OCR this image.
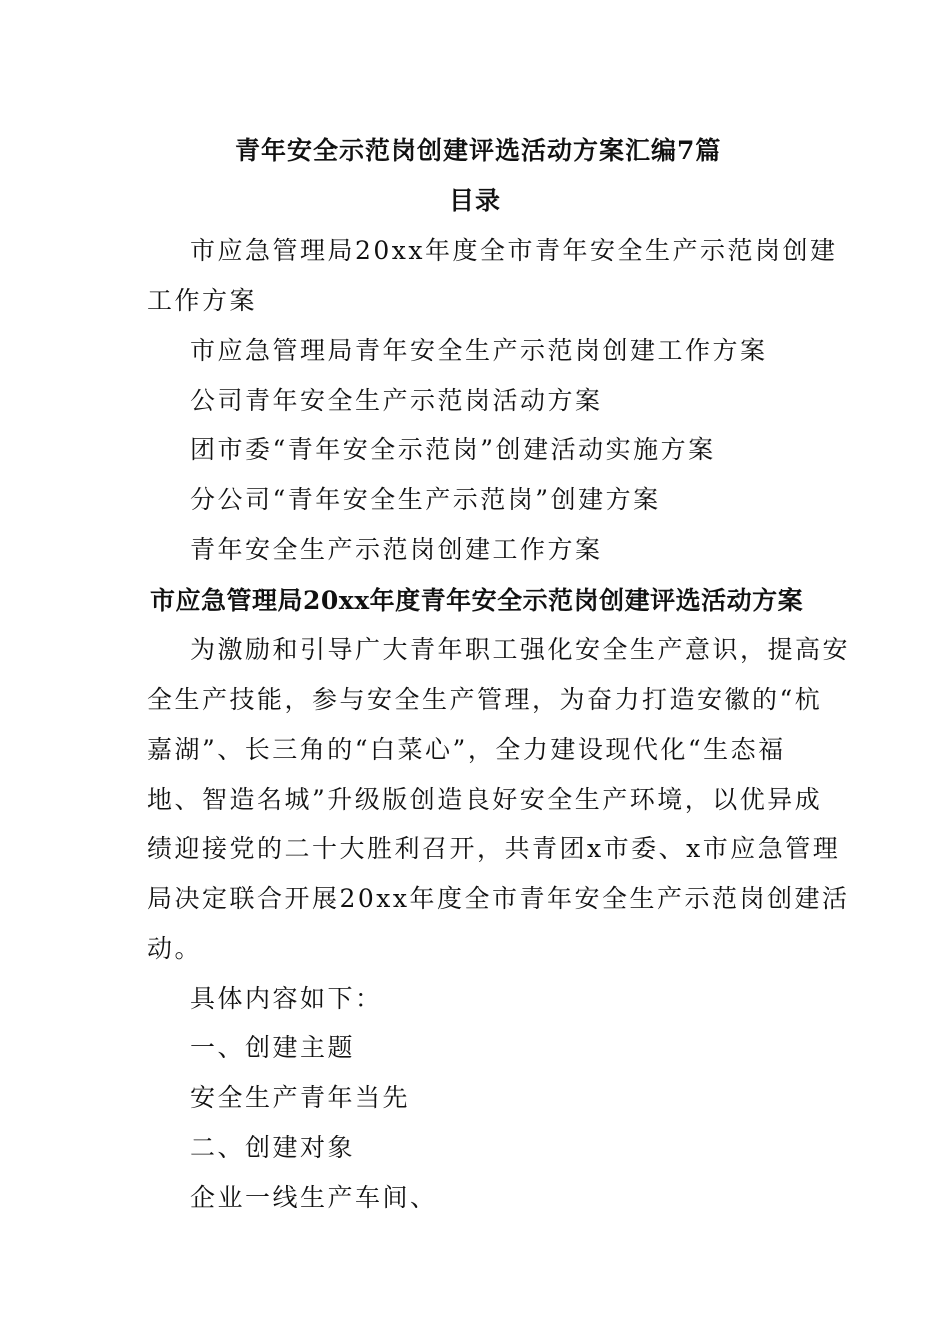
青年安全示范岗创建评选活动方案汇编7篇
目录
市应急管理局20xx年度全市青年安全生产示范岗创建
工作方案
市应急管理局青年安全生产示范岗创建工作方案
公司青年安全生产示范岗活动方案
团市委“青年安全示范岗”创建活动实施方案
分公司“青年安全生产示范岗”创建方案
青年安全生产示范岗创建工作方案
市应急管理局20xx年度青年安全示范岗创建评选活动方案
为激励和引导广大青年职工强化安全生产意识，提高安
全生产技能，参与安全生产管理，为奋力打造安徽的“杭
嘉湖”、长三角的“白菜心”，全力建设现代化“生态福
地、智造名城”升级版创造良好安全生产环境，以优异成
绩迎接党的二十大胜利召开，共青团x市委、x市应急管理
局决定联合开展20xx年度全市青年安全生产示范岗创建活
动。
具体内容如下：
一、创建主题
安全生产青年当先
二、创建对象
企业一线生产车间、
